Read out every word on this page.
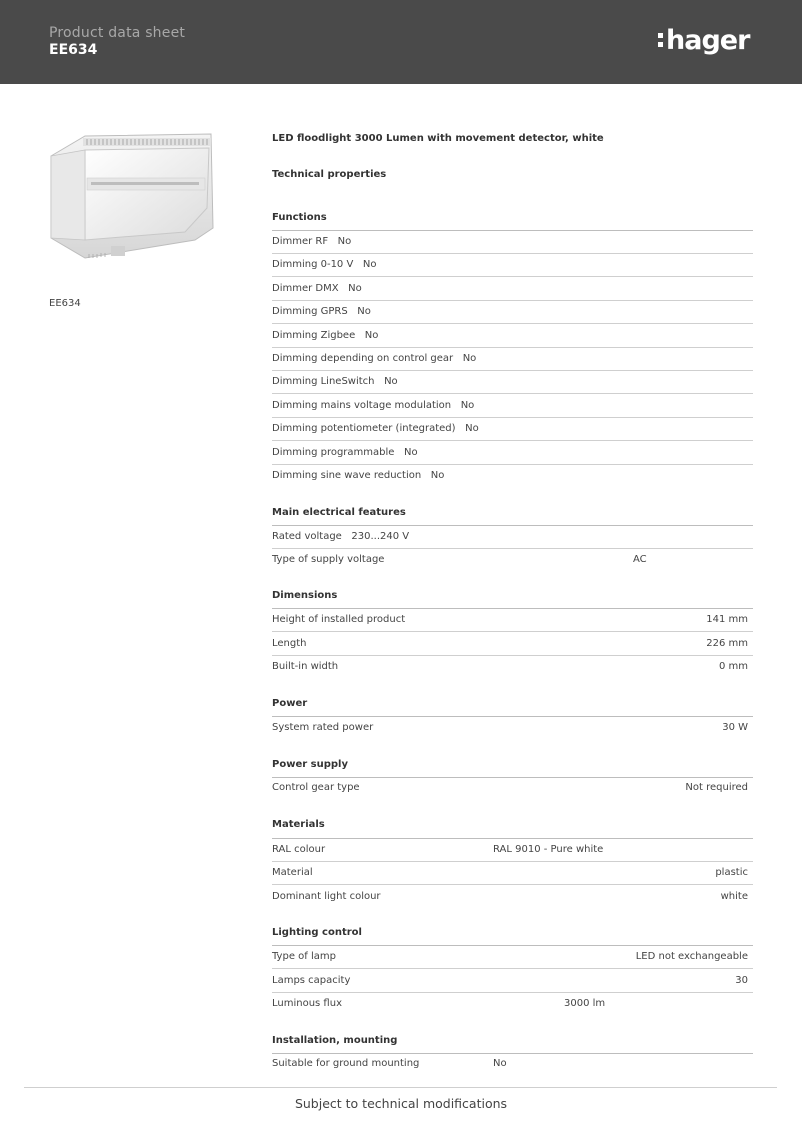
Product data sheet
EE634	hager
EE634
LED floodlight 3000 Lumen with movement detector, white
Technical properties
Functions
Dimmer RF No
Dimming 0-10 V No
Dimmer DMX No
Dimming GPRS No
Dimming Zigbee No
Dimming depending on control gear No
Dimming LineSwitch No
Dimming mains voltage modulation No
Dimming potentiometer (integrated) No
Dimming programmable No
Dimming sine wave reduction No
Main electrical features
Rated voltage 230...240 V
Type of supply voltage	AC
Dimensions
Height of installed product	141 mm
Length	226 mm
Built-in width	0 mm
Power
System rated power	30 W
Power supply
Control gear type	Not required
Materials
RAL colour	RAL 9010 - Pure white
Material	plastic
Dominant light colour	white
Lighting control
Type of lamp	LED not exchangeable
Lamps capacity	30
Luminous flux	3000 lm
Installation, mounting
Suitable for ground mounting	No
Subject to technical modifications
